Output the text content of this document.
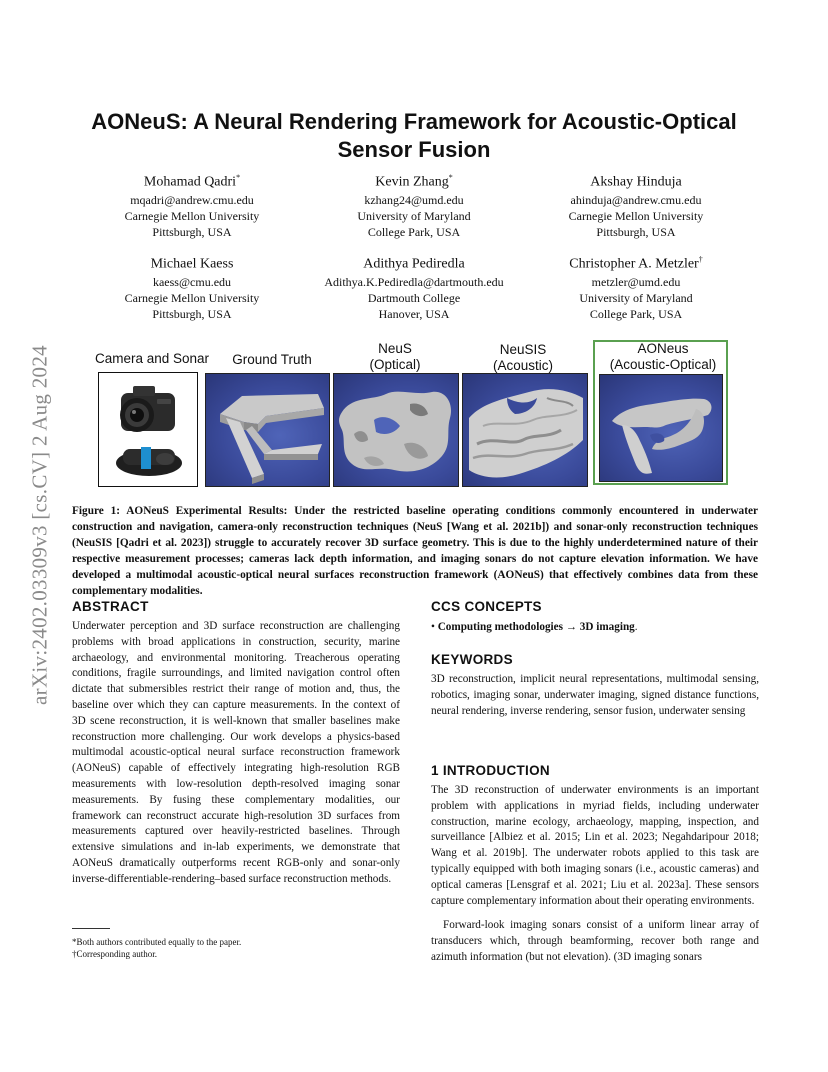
arXiv:2402.03309v3 [cs.CV] 2 Aug 2024
AONeuS: A Neural Rendering Framework for Acoustic-Optical
Sensor Fusion
Mohamad Qadri*
mqadri@andrew.cmu.edu
Carnegie Mellon University
Pittsburgh, USA
Kevin Zhang*
kzhang24@umd.edu
University of Maryland
College Park, USA
Akshay Hinduja
ahinduja@andrew.cmu.edu
Carnegie Mellon University
Pittsburgh, USA
Michael Kaess
kaess@cmu.edu
Carnegie Mellon University
Pittsburgh, USA
Adithya Pediredla
Adithya.K.Pediredla@dartmouth.edu
Dartmouth College
Hanover, USA
Christopher A. Metzler†
metzler@umd.edu
University of Maryland
College Park, USA
Camera and Sonar	Ground Truth
NeuS
(Optical)
NeuSIS
(Acoustic)
AONeus
(Acoustic-Optical)
Figure 1: AONeuS Experimental Results: Under the restricted baseline operating conditions commonly encountered in underwater construction and navigation, camera-only reconstruction techniques (NeuS [Wang et al. 2021b]) and sonar-only reconstruction techniques (NeuSIS [Qadri et al. 2023]) struggle to accurately recover 3D surface geometry. This is due to the highly underdetermined nature of their respective measurement processes; cameras lack depth information, and imaging sonars do not capture elevation information. We have developed a multimodal acoustic-optical neural surfaces reconstruction framework (AONeuS) that effectively combines data from these complementary modalities.
ABSTRACT
Underwater perception and 3D surface reconstruction are challenging problems with broad applications in construction, security, marine archaeology, and environmental monitoring. Treacherous operating conditions, fragile surroundings, and limited navigation control often dictate that submersibles restrict their range of motion and, thus, the baseline over which they can capture measurements. In the context of 3D scene reconstruction, it is well-known that smaller baselines make reconstruction more challenging. Our work develops a physics-based multimodal acoustic-optical neural surface reconstruction framework (AONeuS) capable of effectively integrating high-resolution RGB measurements with low-resolution depth-resolved imaging sonar measurements. By fusing these complementary modalities, our framework can reconstruct accurate high-resolution 3D surfaces from measurements captured over heavily-restricted baselines. Through extensive simulations and in-lab experiments, we demonstrate that AONeuS dramatically outperforms recent RGB-only and sonar-only inverse-differentiable-rendering–based surface reconstruction methods.
*Both authors contributed equally to the paper.
†Corresponding author.
CCS CONCEPTS
• Computing methodologies → 3D imaging.
KEYWORDS
3D reconstruction, implicit neural representations, multimodal sensing, robotics, imaging sonar, underwater imaging, signed distance functions, neural rendering, inverse rendering, sensor fusion, underwater sensing
1 INTRODUCTION
The 3D reconstruction of underwater environments is an important problem with applications in myriad fields, including underwater construction, marine ecology, archaeology, mapping, inspection, and surveillance [Albiez et al. 2015; Lin et al. 2023; Negahdaripour 2018; Wang et al. 2019b]. The underwater robots applied to this task are typically equipped with both imaging sonars (i.e., acoustic cameras) and optical cameras [Lensgraf et al. 2021; Liu et al. 2023a]. These sensors capture complementary information about their operating environments.
Forward-look imaging sonars consist of a uniform linear array of transducers which, through beamforming, recover both range and azimuth information (but not elevation). (3D imaging sonars
